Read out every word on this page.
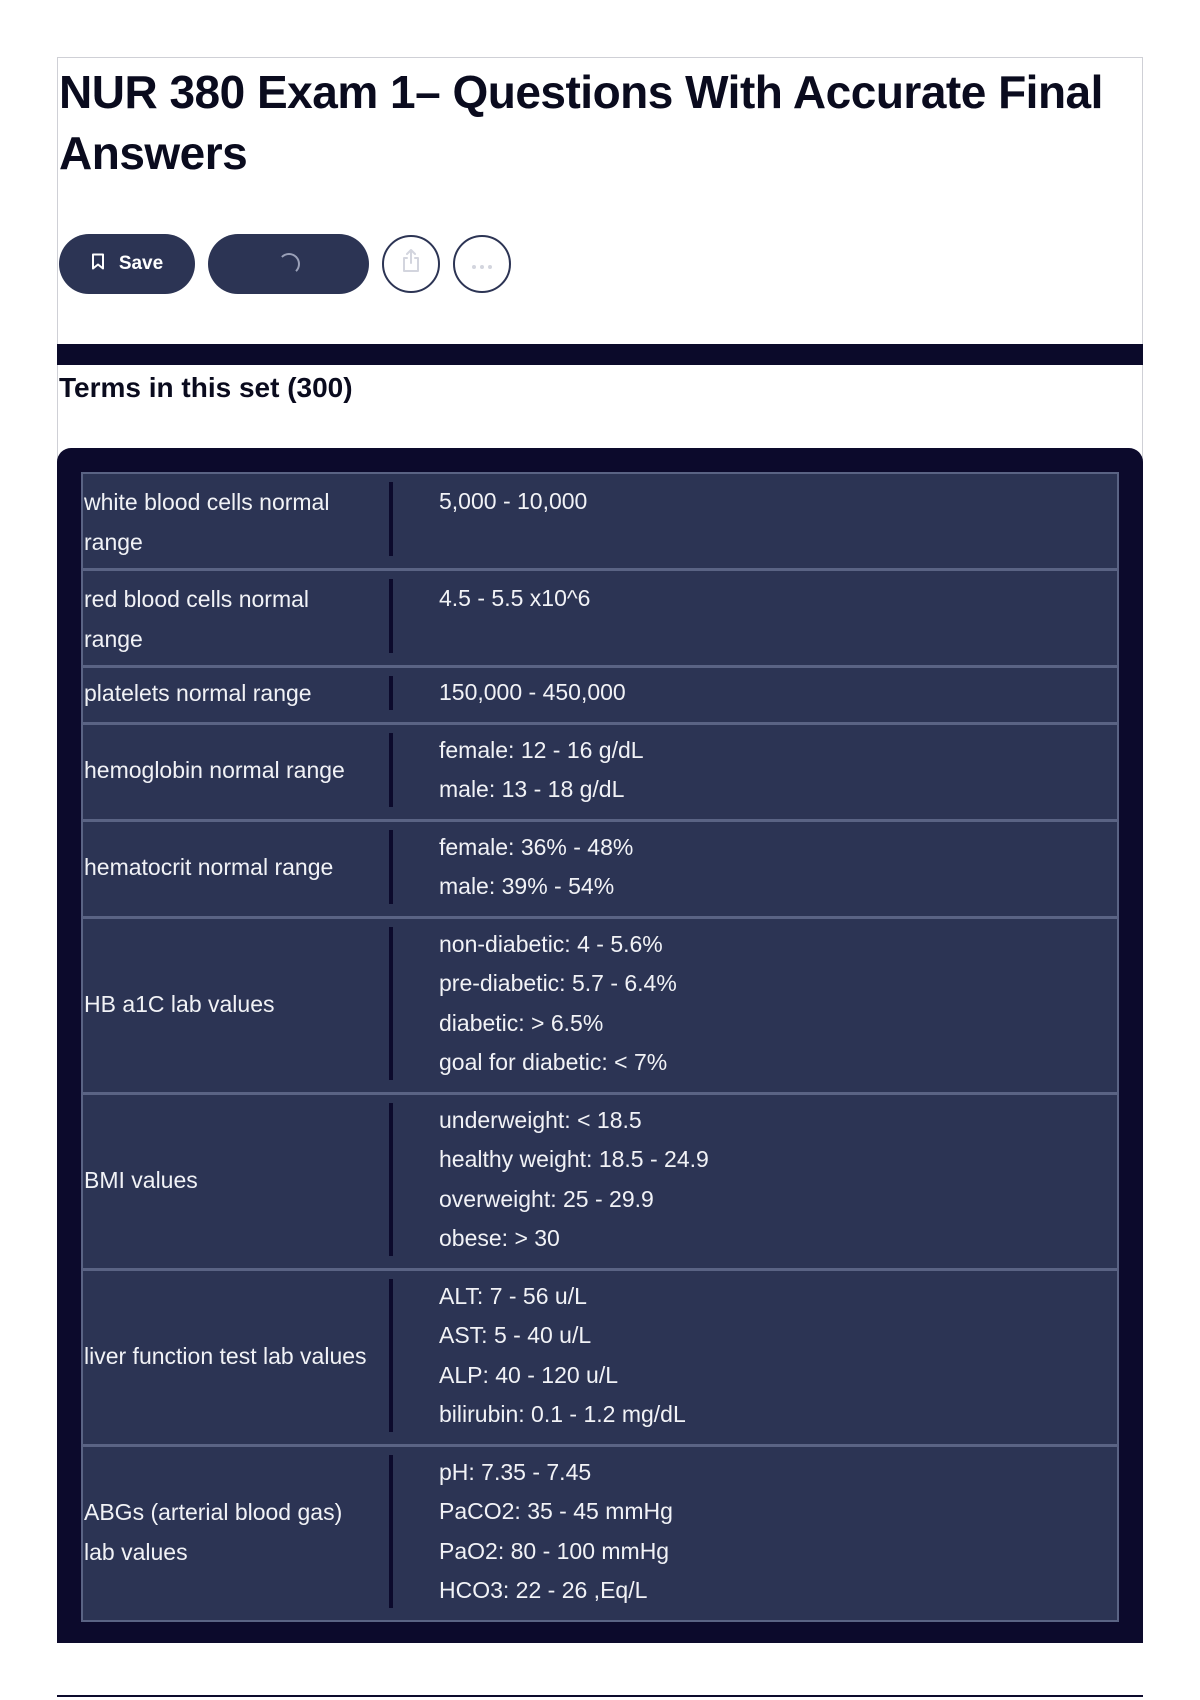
NUR 380 Exam 1– Questions With Accurate Final Answers
Save
Terms in this set (300)
white blood cells normal range
5,000 - 10,000
red blood cells normal range
4.5 - 5.5 x10^6
platelets normal range	150,000 - 450,000
hemoglobin normal range
female: 12 - 16 g/dL
male: 13 - 18 g/dL
hematocrit normal range
female: 36% - 48%
male: 39% - 54%
HB a1C lab values
non-diabetic: 4 - 5.6%
pre-diabetic: 5.7 - 6.4%
diabetic: > 6.5%
goal for diabetic: < 7%
BMI values
underweight: < 18.5
healthy weight: 18.5 - 24.9
overweight: 25 - 29.9
obese: > 30
liver function test lab values
ALT: 7 - 56 u/L
AST: 5 - 40 u/L
ALP: 40 - 120 u/L
bilirubin: 0.1 - 1.2 mg/dL
ABGs (arterial blood gas) lab values
pH: 7.35 - 7.45
PaCO2: 35 - 45 mmHg
PaO2: 80 - 100 mmHg
HCO3: 22 - 26 ,Eq/L
